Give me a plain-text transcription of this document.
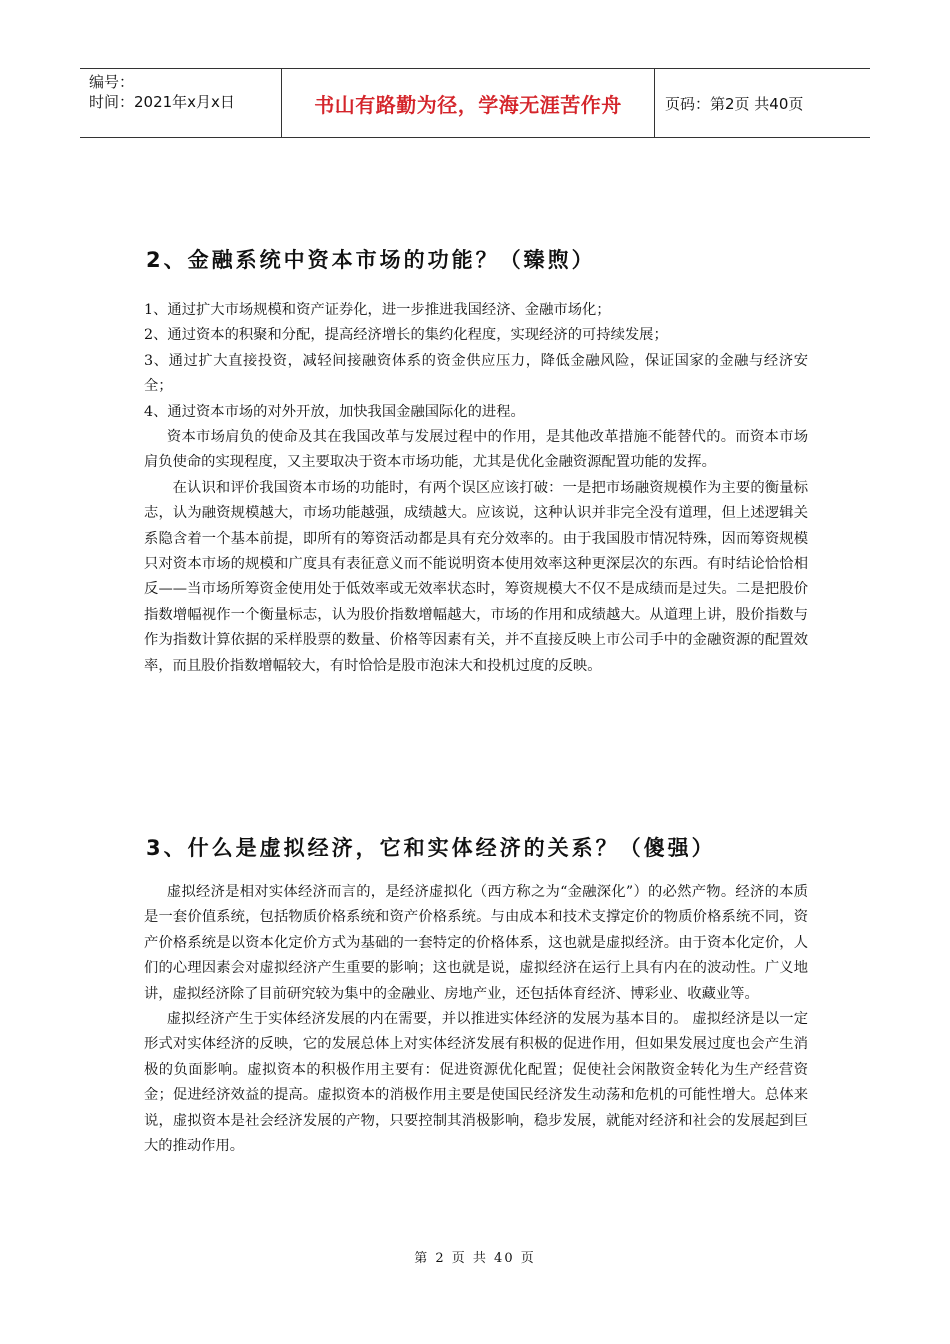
编号：
时间：2021年x月x日	书山有路勤为径，学海无涯苦作舟	页码：第2页 共40页
2、金融系统中资本市场的功能？（臻煦）

1、通过扩大市场规模和资产证券化，进一步推进我国经济、金融市场化；

2、通过资本的积聚和分配，提高经济增长的集约化程度，实现经济的可持续发展；

3、通过扩大直接投资，减轻间接融资体系的资金供应压力，降低金融风险，保证国家的金融与经济安全；

4、通过资本市场的对外开放，加快我国金融国际化的进程。

资本市场肩负的使命及其在我国改革与发展过程中的作用，是其他改革措施不能替代的。而资本市场肩负使命的实现程度，又主要取决于资本市场功能，尤其是优化金融资源配置功能的发挥。

在认识和评价我国资本市场的功能时，有两个误区应该打破：一是把市场融资规模作为主要的衡量标志，认为融资规模越大，市场功能越强，成绩越大。应该说，这种认识并非完全没有道理，但上述逻辑关系隐含着一个基本前提，即所有的筹资活动都是具有充分效率的。由于我国股市情况特殊，因而筹资规模只对资本市场的规模和广度具有表征意义而不能说明资本使用效率这种更深层次的东西。有时结论恰恰相反——当市场所筹资金使用处于低效率或无效率状态时，筹资规模大不仅不是成绩而是过失。二是把股价指数增幅视作一个衡量标志，认为股价指数增幅越大，市场的作用和成绩越大。从道理上讲，股价指数与作为指数计算依据的采样股票的数量、价格等因素有关，并不直接反映上市公司手中的金融资源的配置效率，而且股价指数增幅较大，有时恰恰是股市泡沫大和投机过度的反映。

3、什么是虚拟经济，它和实体经济的关系？（傻强）

虚拟经济是相对实体经济而言的，是经济虚拟化（西方称之为“金融深化”）的必然产物。经济的本质是一套价值系统，包括物质价格系统和资产价格系统。与由成本和技术支撑定价的物质价格系统不同，资产价格系统是以资本化定价方式为基础的一套特定的价格体系，这也就是虚拟经济。由于资本化定价，人们的心理因素会对虚拟经济产生重要的影响；这也就是说，虚拟经济在运行上具有内在的波动性。广义地讲，虚拟经济除了目前研究较为集中的金融业、房地产业，还包括体育经济、博彩业、收藏业等。

虚拟经济产生于实体经济发展的内在需要，并以推进实体经济的发展为基本目的。 虚拟经济是以一定形式对实体经济的反映，它的发展总体上对实体经济发展有积极的促进作用，但如果发展过度也会产生消极的负面影响。虚拟资本的积极作用主要有：促进资源优化配置；促使社会闲散资金转化为生产经营资金；促进经济效益的提高。虚拟资本的消极作用主要是使国民经济发生动荡和危机的可能性增大。总体来说，虚拟资本是社会经济发展的产物，只要控制其消极影响，稳步发展，就能对经济和社会的发展起到巨大的推动作用。

第 2 页 共 40 页
